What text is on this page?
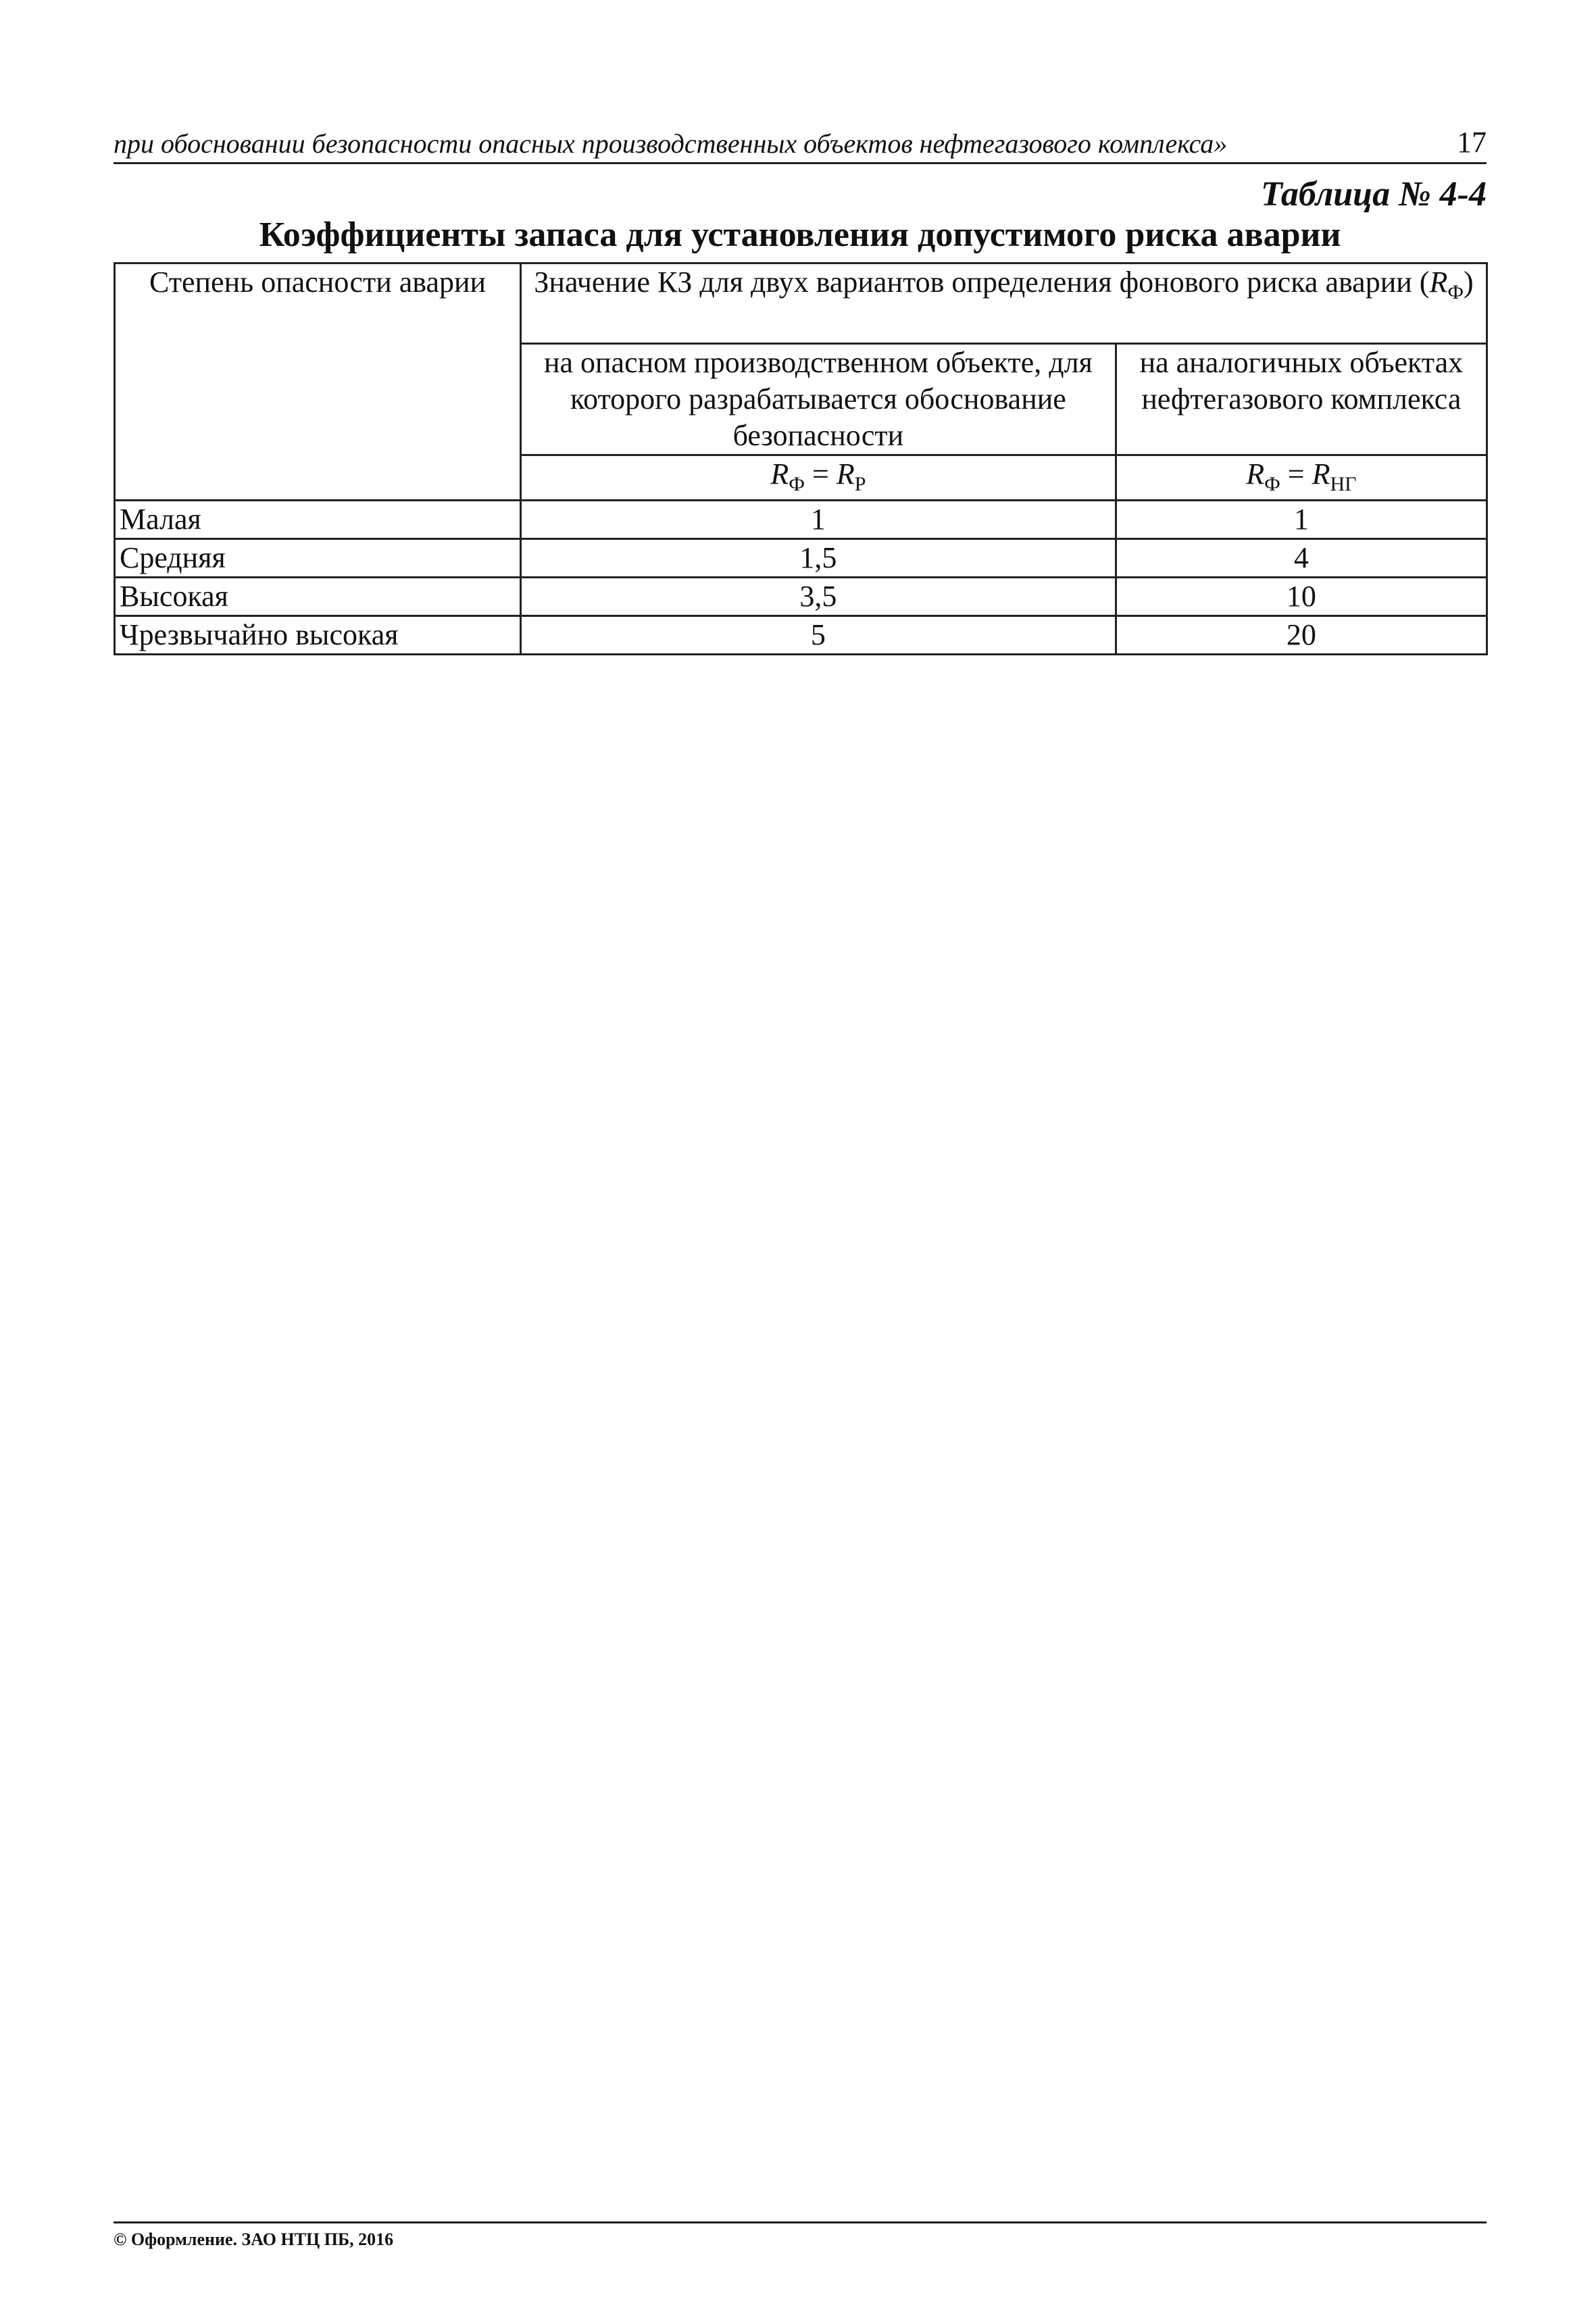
при обосновании безопасности опасных производственных объектов нефтегазового комплекса»	17
Таблица № 4-4
Коэффициенты запаса для установления допустимого риска аварии
Степень опасности аварии	Значение КЗ для двух вариантов определения фонового риска аварии $(R_Ф)$	
	на опасном производственном объекте, для которого разрабатывается обоснование безопасности	на аналогичных объектах нефтегазового комплекса
	$R_Ф = R_Р$	$R_Ф = R_{НГ}$
Малая	1	1
Средняя	1,5	4
Высокая	3,5	10
Чрезвычайно высокая	5	20
© Оформление. ЗАО НТЦ ПБ, 2016
